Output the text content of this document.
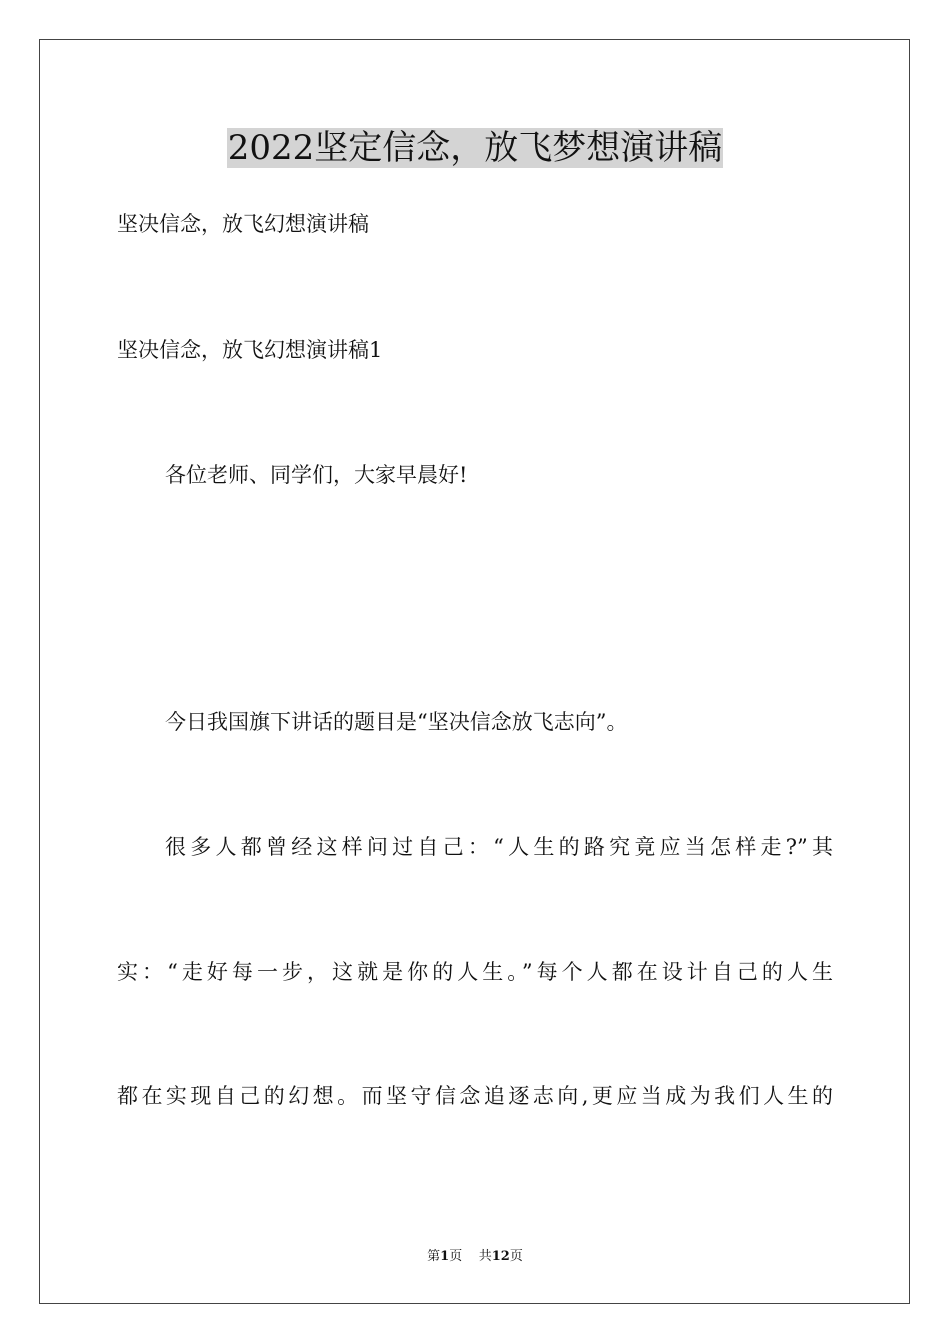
2022坚定信念，放飞梦想演讲稿

坚决信念，放飞幻想演讲稿

坚决信念，放飞幻想演讲稿1

各位老师、同学们，大家早晨好!

今日我国旗下讲话的题目是“坚决信念放飞志向”。

很多人都曾经这样问过自己：“人生的路究竟应当怎样走?”其

实：“走好每一步，这就是你的人生。”每个人都在设计自己的人生

都在实现自己的幻想。而坚守信念追逐志向,更应当成为我们人生的

第1页 共12页
